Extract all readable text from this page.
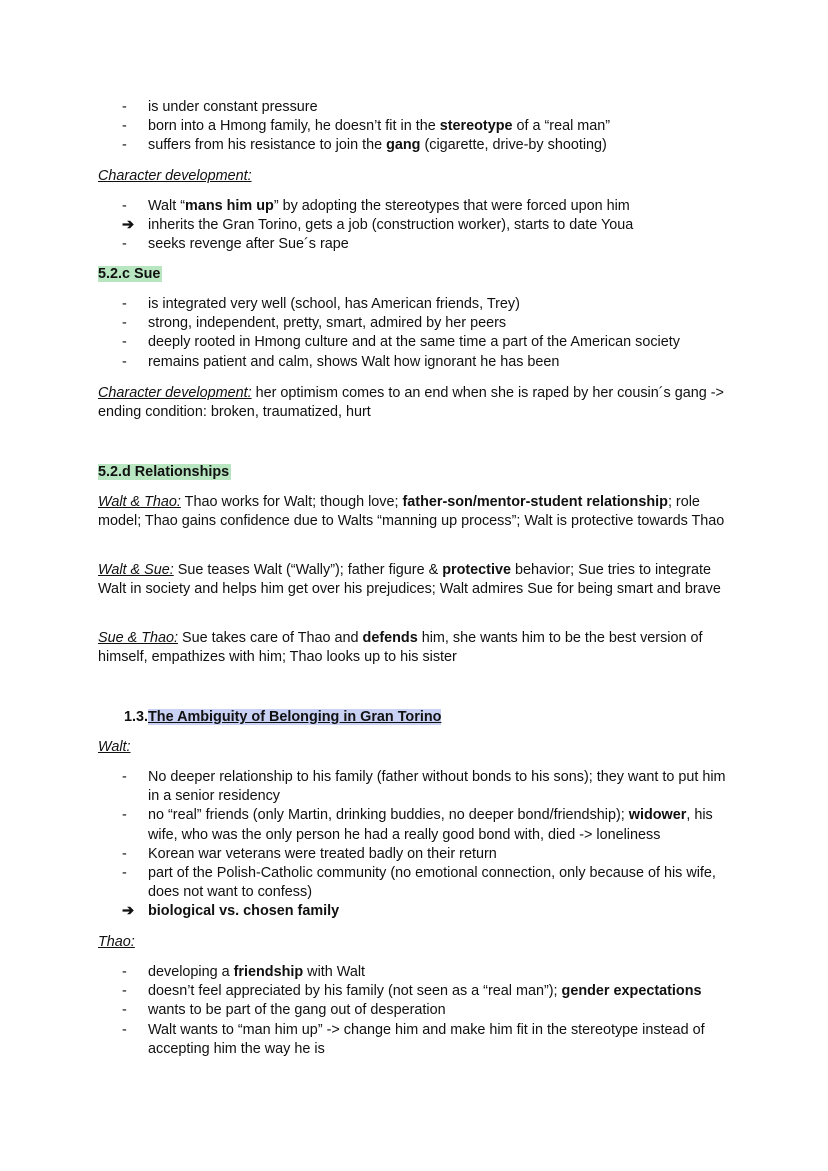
-	is under constant pressure
-	born into a Hmong family, he doesn’t fit in the stereotype of a “real man”
-	suffers from his resistance to join the gang (cigarette, drive-by shooting)

Character development:

-	Walt “mans him up” by adopting the stereotypes that were forced upon him
➔ inherits the Gran Torino, gets a job (construction worker), starts to date Youa
-	seeks revenge after Sue´s rape

5.2.c Sue

-	is integrated very well (school, has American friends, Trey)
-	strong, independent, pretty, smart, admired by her peers
-	deeply rooted in Hmong culture and at the same time a part of the American society
-	remains patient and calm, shows Walt how ignorant he has been

Character development: her optimism comes to an end when she is raped by her cousin´s gang -> ending condition: broken, traumatized, hurt

5.2.d Relationships

Walt & Thao: Thao works for Walt; though love; father-son/mentor-student relationship; role model; Thao gains confidence due to Walts “manning up process”; Walt is protective towards Thao

Walt & Sue: Sue teases Walt (“Wally”); father figure & protective behavior; Sue tries to integrate Walt in society and helps him get over his prejudices; Walt admires Sue for being smart and brave

Sue & Thao: Sue takes care of Thao and defends him, she wants him to be the best version of himself, empathizes with him; Thao looks up to his sister

1.3.The Ambiguity of Belonging in Gran Torino

Walt:

-	No deeper relationship to his family (father without bonds to his sons); they want to put him in a senior residency
-	no “real” friends (only Martin, drinking buddies, no deeper bond/friendship); widower, his wife, who was the only person he had a really good bond with, died -> loneliness
-	Korean war veterans were treated badly on their return
-	part of the Polish-Catholic community (no emotional connection, only because of his wife, does not want to confess)
➔ biological vs. chosen family

Thao:

-	developing a friendship with Walt
-	doesn’t feel appreciated by his family (not seen as a “real man”); gender expectations
-	wants to be part of the gang out of desperation
-	Walt wants to “man him up” -> change him and make him fit in the stereotype instead of accepting him the way he is
